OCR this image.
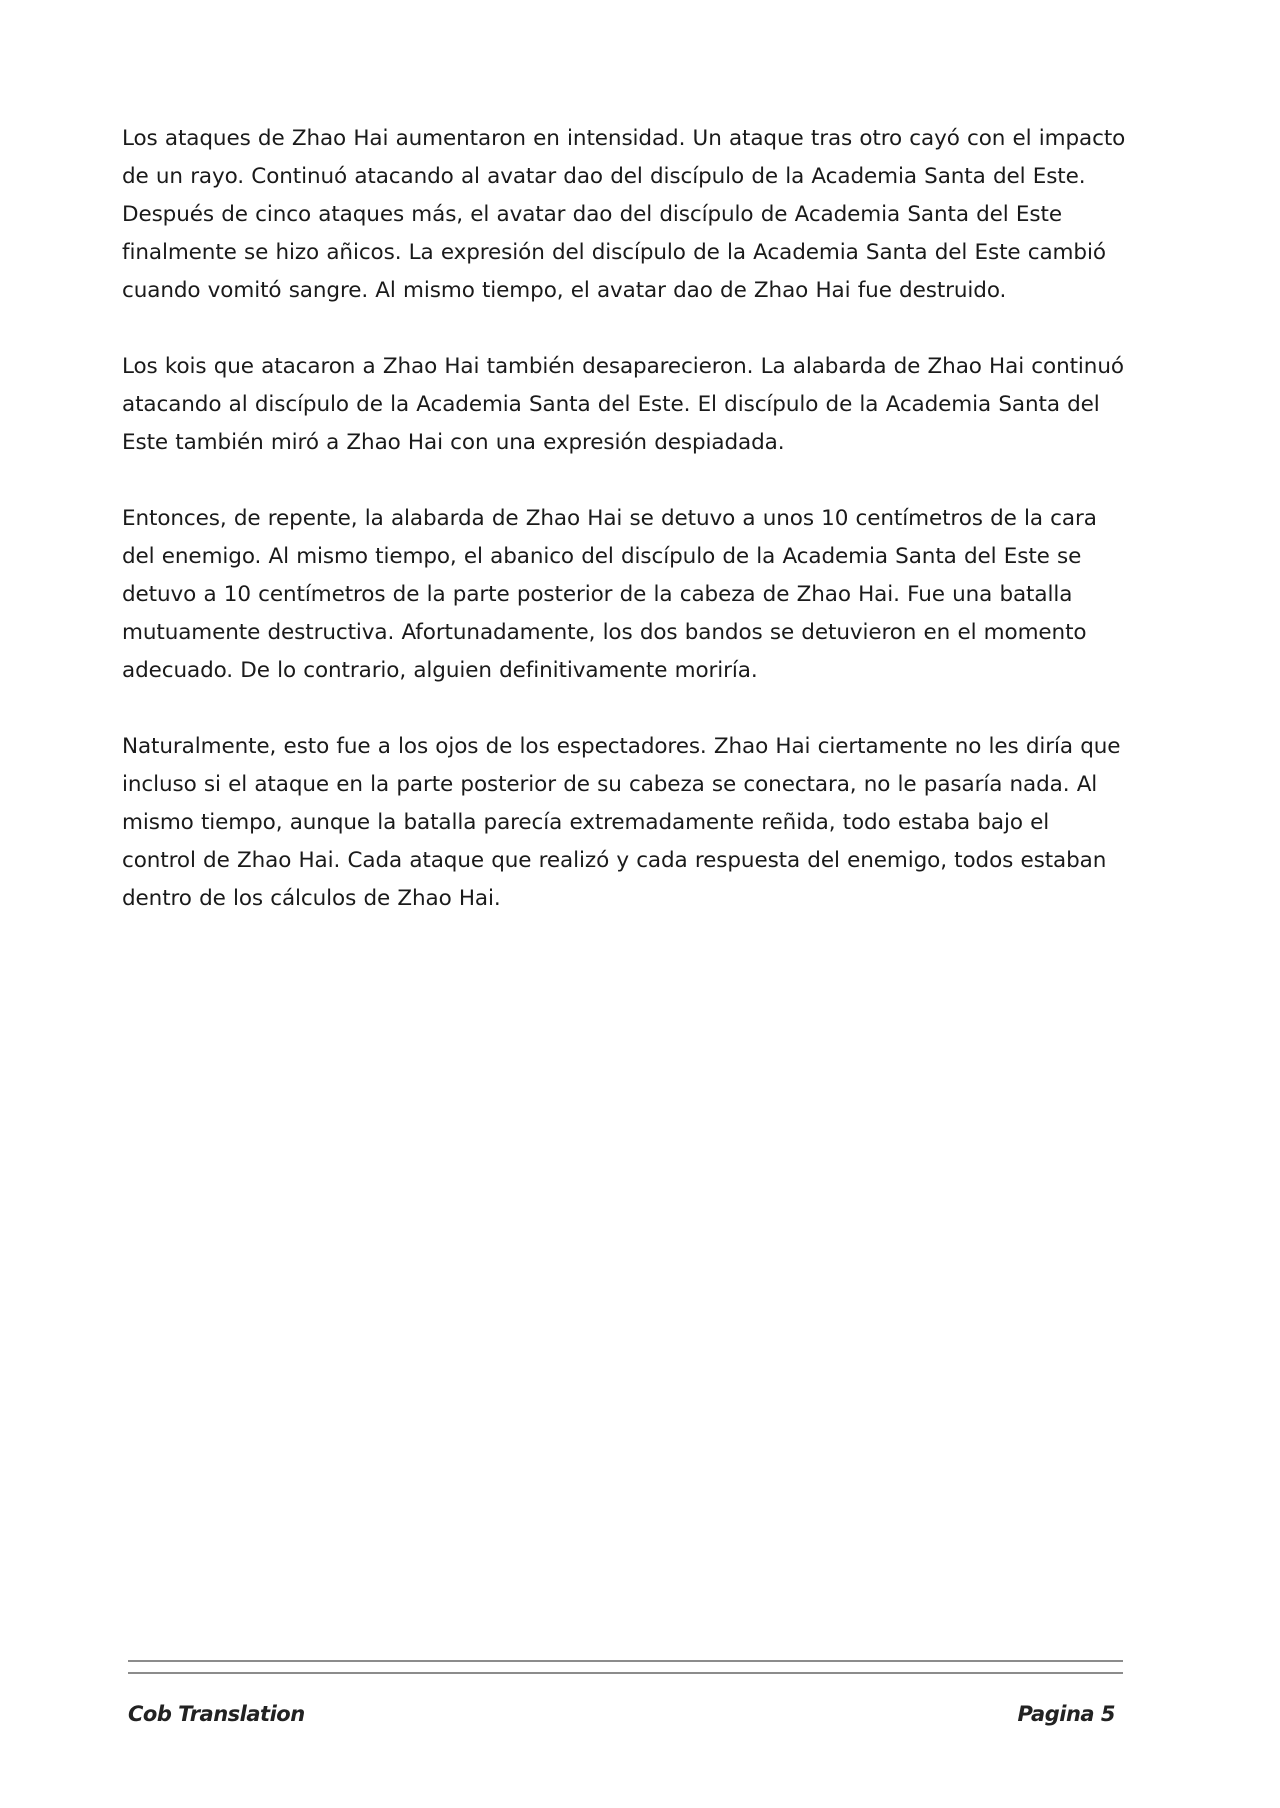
Los ataques de Zhao Hai aumentaron en intensidad. Un ataque tras otro cayó con el impacto de un rayo. Continuó atacando al avatar dao del discípulo de la Academia Santa del Este. Después de cinco ataques más, el avatar dao del discípulo de Academia Santa del Este finalmente se hizo añicos. La expresión del discípulo de la Academia Santa del Este cambió cuando vomitó sangre. Al mismo tiempo, el avatar dao de Zhao Hai fue destruido.

Los kois que atacaron a Zhao Hai también desaparecieron. La alabarda de Zhao Hai continuó atacando al discípulo de la Academia Santa del Este. El discípulo de la Academia Santa del Este también miró a Zhao Hai con una expresión despiadada.

Entonces, de repente, la alabarda de Zhao Hai se detuvo a unos 10 centímetros de la cara del enemigo. Al mismo tiempo, el abanico del discípulo de la Academia Santa del Este se detuvo a 10 centímetros de la parte posterior de la cabeza de Zhao Hai. Fue una batalla mutuamente destructiva. Afortunadamente, los dos bandos se detuvieron en el momento adecuado. De lo contrario, alguien definitivamente moriría.

Naturalmente, esto fue a los ojos de los espectadores. Zhao Hai ciertamente no les diría que incluso si el ataque en la parte posterior de su cabeza se conectara, no le pasaría nada. Al mismo tiempo, aunque la batalla parecía extremadamente reñida, todo estaba bajo el control de Zhao Hai. Cada ataque que realizó y cada respuesta del enemigo, todos estaban dentro de los cálculos de Zhao Hai.

Cob Translation	Pagina 5
